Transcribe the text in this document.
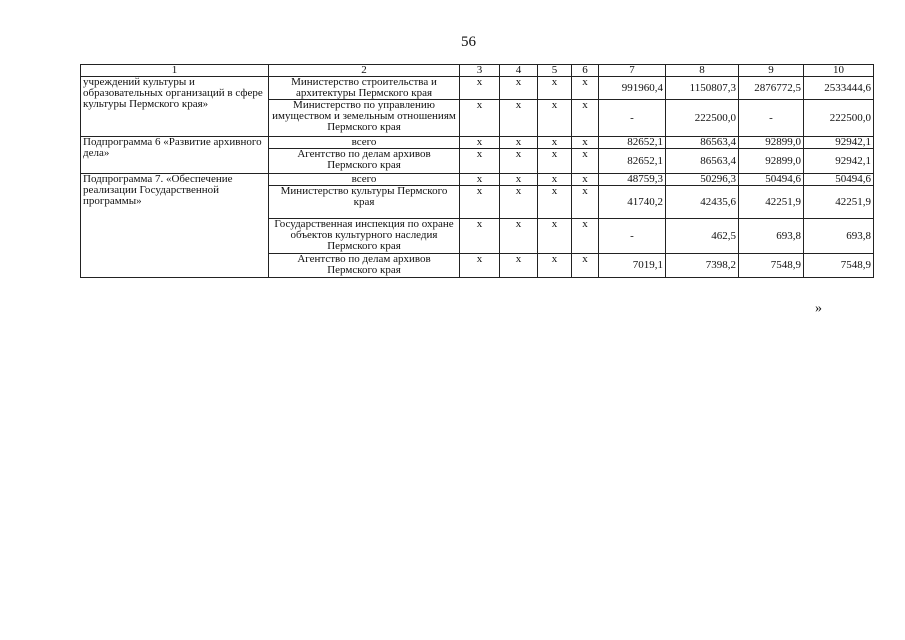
56
1	2	3	4	5	6	7	8	9	10
учреждений культуры и образовательных организаций в сфере культуры Пермского края»	Министерство строительства и архитектуры Пермского края	x	x	x	x	991960,4	1150807,3	2876772,5	2533444,6
	Министерство по управлению имуществом и земельным отношениям Пермского края	x	x	x	x	-	222500,0	-	222500,0
Подпрограмма 6 «Развитие архивного дела»	всего	x	x	x	x	82652,1	86563,4	92899,0	92942,1
	Агентство по делам архивов Пермского края	x	x	x	x	82652,1	86563,4	92899,0	92942,1
Подпрограмма 7. «Обеспечение реализации Государственной программы»	всего	x	x	x	x	48759,3	50296,3	50494,6	50494,6
	Министерство культуры Пермского края	x	x	x	x	41740,2	42435,6	42251,9	42251,9
	Государственная инспекция по охране объектов культурного наследия Пермского края	x	x	x	x	-	462,5	693,8	693,8
	Агентство по делам архивов Пермского края	x	x	x	x	7019,1	7398,2	7548,9	7548,9
»
